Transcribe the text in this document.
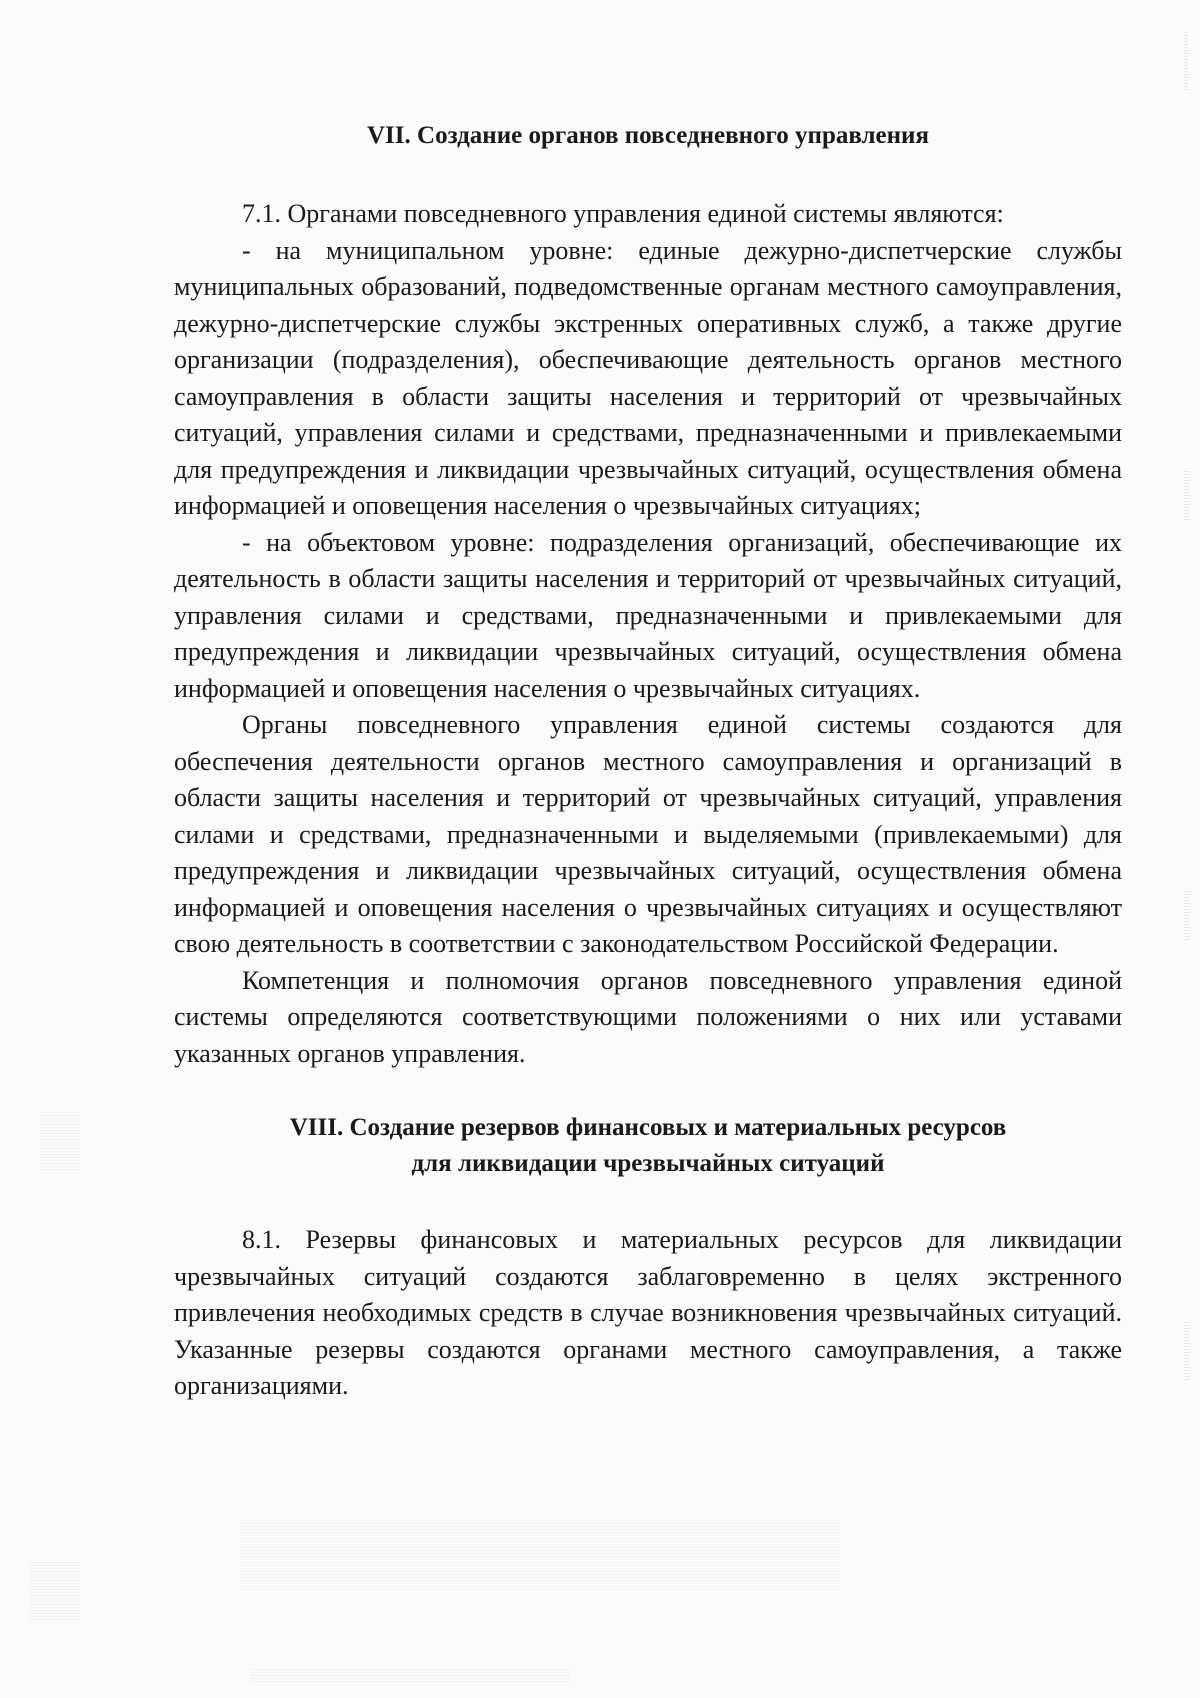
VII. Создание органов повседневного управления

7.1. Органами повседневного управления единой системы являются:

- на муниципальном уровне: единые дежурно-диспетчерские службы муниципальных образований, подведомственные органам местного самоуправления, дежурно-диспетчерские службы экстренных оперативных служб, а также другие организации (подразделения), обеспечивающие деятельность органов местного самоуправления в области защиты населения и территорий от чрезвычайных ситуаций, управления силами и средствами, предназначенными и привлекаемыми для предупреждения и ликвидации чрезвычайных ситуаций, осуществления обмена информацией и оповещения населения о чрезвычайных ситуациях;

- на объектовом уровне: подразделения организаций, обеспечивающие их деятельность в области защиты населения и территорий от чрезвычайных ситуаций, управления силами и средствами, предназначенными и привлекаемыми для предупреждения и ликвидации чрезвычайных ситуаций, осуществления обмена информацией и оповещения населения о чрезвычайных ситуациях.

Органы повседневного управления единой системы создаются для обеспечения деятельности органов местного самоуправления и организаций в области защиты населения и территорий от чрезвычайных ситуаций, управления силами и средствами, предназначенными и выделяемыми (привлекаемыми) для предупреждения и ликвидации чрезвычайных ситуаций, осуществления обмена информацией и оповещения населения о чрезвычайных ситуациях и осуществляют свою деятельность в соответствии с законодательством Российской Федерации.

Компетенция и полномочия органов повседневного управления единой системы определяются соответствующими положениями о них или уставами указанных органов управления.

VIII. Создание резервов финансовых и материальных ресурсов
для ликвидации чрезвычайных ситуаций

8.1. Резервы финансовых и материальных ресурсов для ликвидации чрезвычайных ситуаций создаются заблаговременно в целях экстренного привлечения необходимых средств в случае возникновения чрезвычайных ситуаций. Указанные резервы создаются органами местного самоуправления, а также организациями.
